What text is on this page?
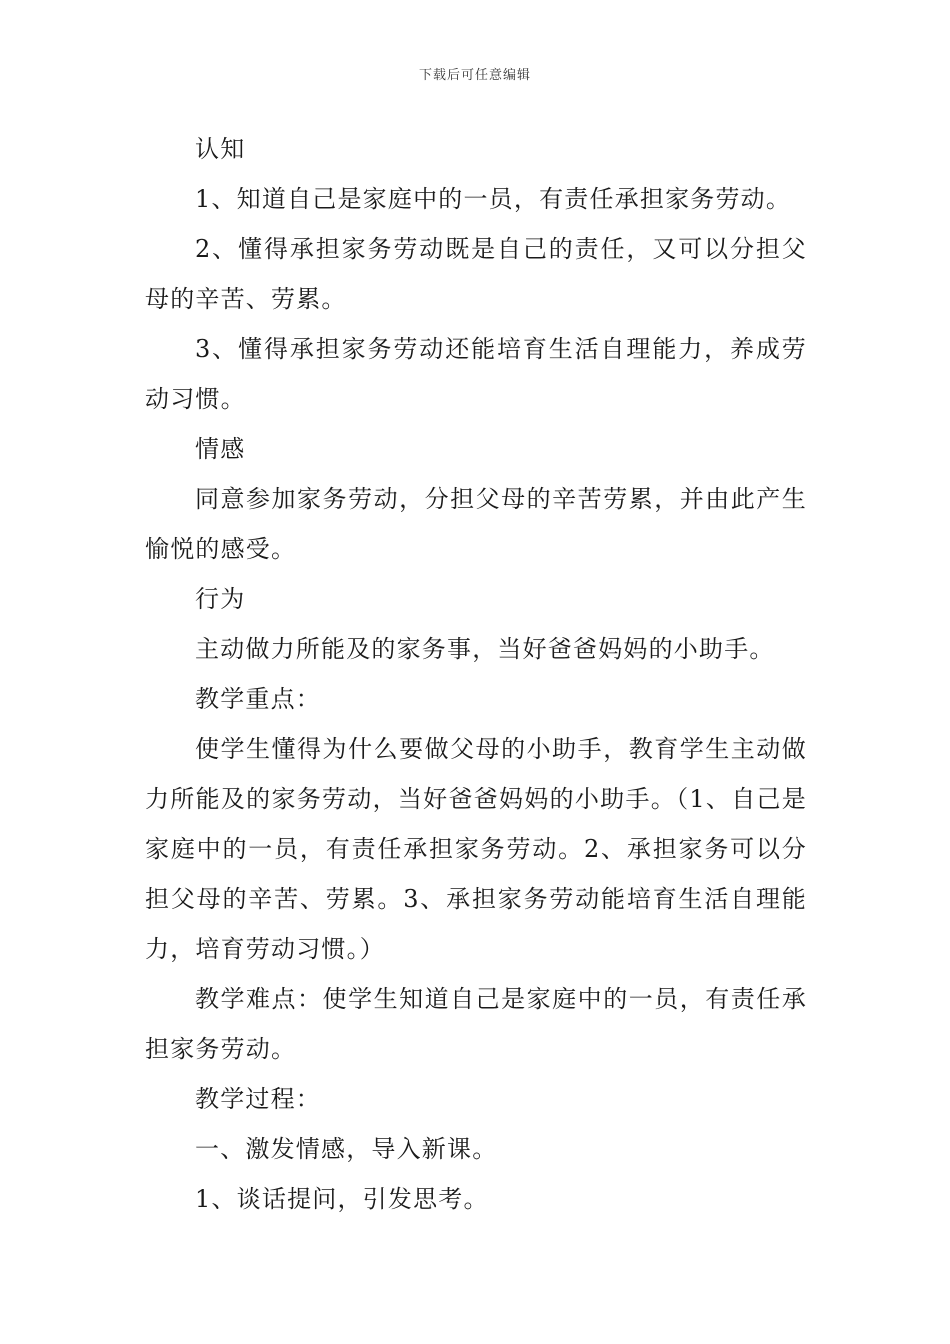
下载后可任意编辑

认知

1、知道自己是家庭中的一员，有责任承担家务劳动。

2、懂得承担家务劳动既是自己的责任，又可以分担父母的辛苦、劳累。

3、懂得承担家务劳动还能培育生活自理能力，养成劳动习惯。

情感

同意参加家务劳动，分担父母的辛苦劳累，并由此产生愉悦的感受。

行为

主动做力所能及的家务事，当好爸爸妈妈的小助手。

教学重点：

使学生懂得为什么要做父母的小助手，教育学生主动做力所能及的家务劳动，当好爸爸妈妈的小助手。（1、自己是家庭中的一员，有责任承担家务劳动。2、承担家务可以分担父母的辛苦、劳累。3、承担家务劳动能培育生活自理能力，培育劳动习惯。）

教学难点：使学生知道自己是家庭中的一员，有责任承担家务劳动。

教学过程：

一、激发情感，导入新课。

1、谈话提问，引发思考。
